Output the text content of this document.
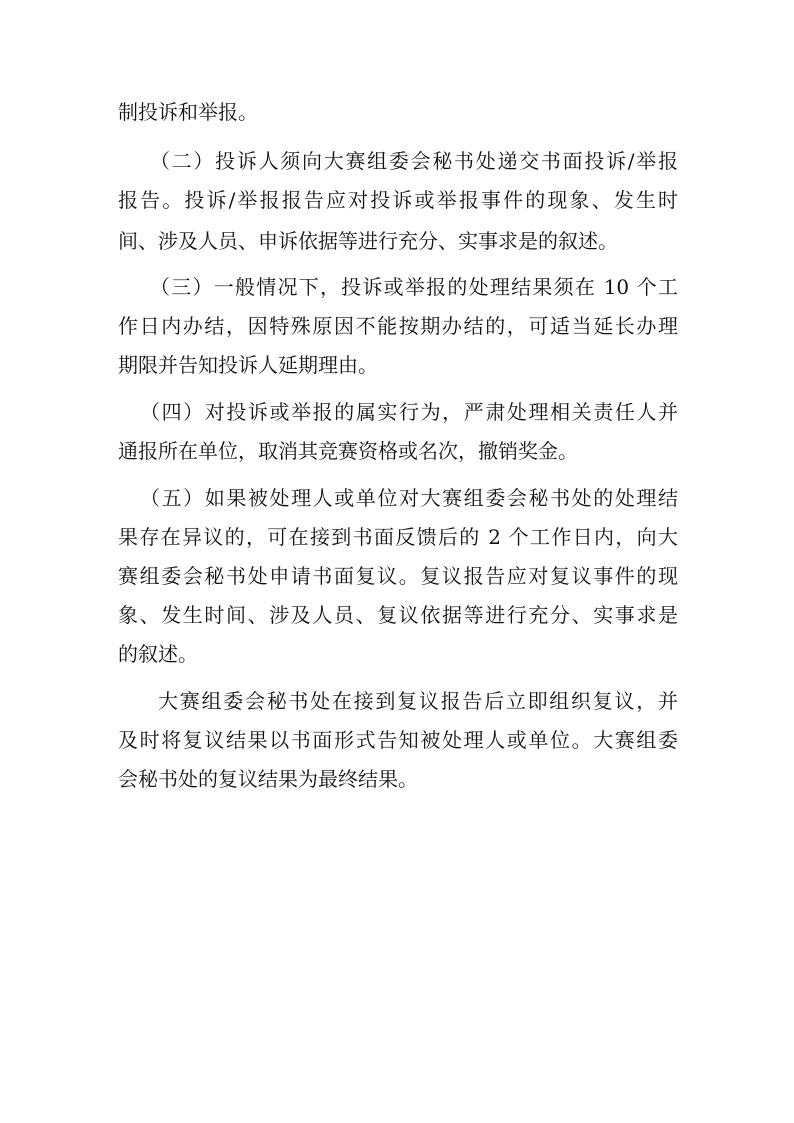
制投诉和举报。
（二）投诉人须向大赛组委会秘书处递交书面投诉/举报
报告。投诉/举报报告应对投诉或举报事件的现象、发生时
间、涉及人员、申诉依据等进行充分、实事求是的叙述。
（三）一般情况下，投诉或举报的处理结果须在 10 个工
作日内办结，因特殊原因不能按期办结的，可适当延长办理
期限并告知投诉人延期理由。
（四）对投诉或举报的属实行为，严肃处理相关责任人并
通报所在单位，取消其竞赛资格或名次，撤销奖金。
（五）如果被处理人或单位对大赛组委会秘书处的处理结
果存在异议的，可在接到书面反馈后的 2 个工作日内，向大
赛组委会秘书处申请书面复议。复议报告应对复议事件的现
象、发生时间、涉及人员、复议依据等进行充分、实事求是
的叙述。
大赛组委会秘书处在接到复议报告后立即组织复议，并
及时将复议结果以书面形式告知被处理人或单位。大赛组委
会秘书处的复议结果为最终结果。
